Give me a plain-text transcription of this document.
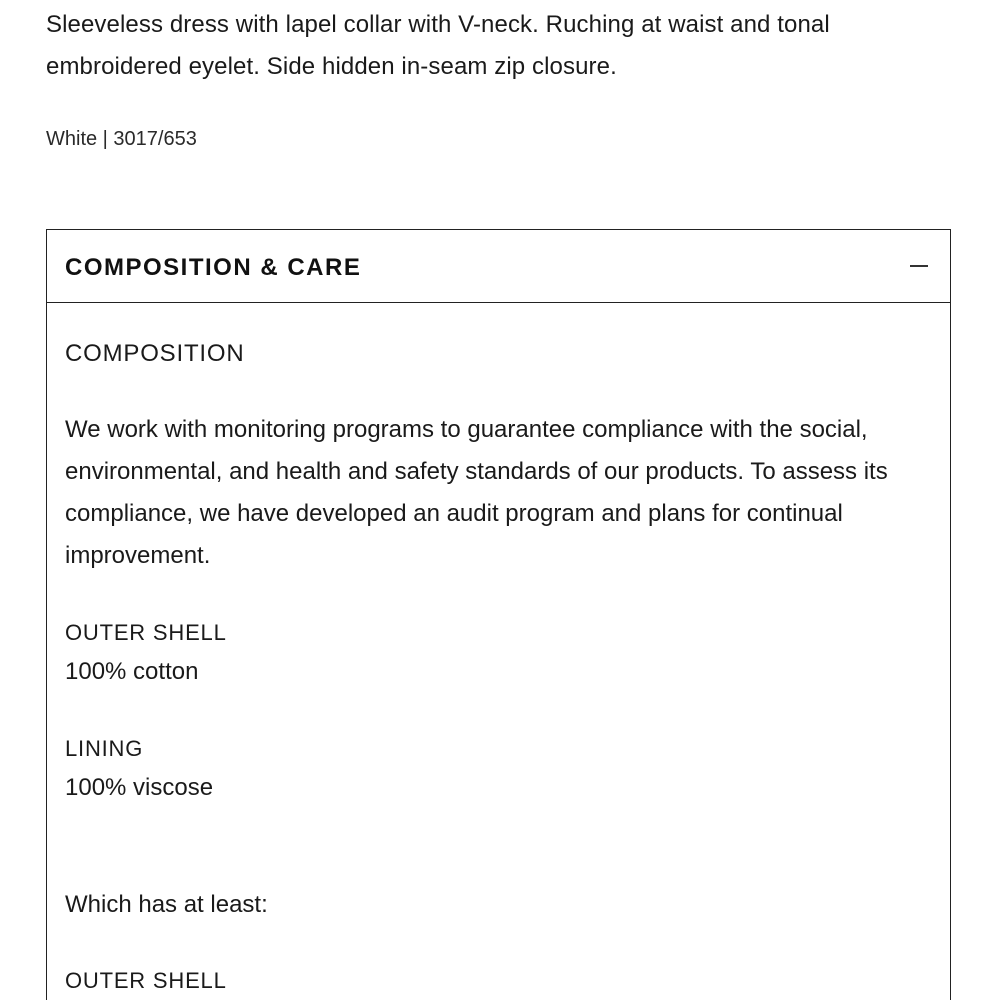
Sleeveless dress with lapel collar with V-neck. Ruching at waist and tonal embroidered eyelet. Side hidden in-seam zip closure.

White | 3017/653
COMPOSITION & CARE
COMPOSITION

We work with monitoring programs to guarantee compliance with the social, environmental, and health and safety standards of our products. To assess its compliance, we have developed an audit program and plans for continual improvement.

OUTER SHELL
100% cotton
LINING
100% viscose
Which has at least:
OUTER SHELL
